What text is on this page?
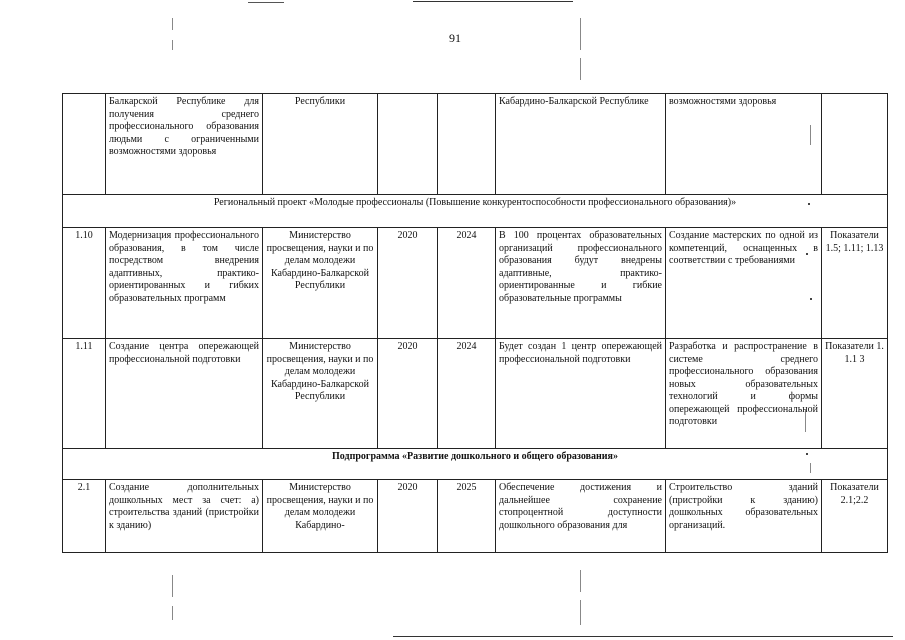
91
	Балкарской Республике для получения среднего профессионального образования людьми с ограниченными возможностями здоровья	Республики			Кабардино-Балкарской Республике	возможностями здоровья	
Региональный проект «Молодые профессионалы (Повышение конкурентоспособности профессионального образования)»							
1.10	Модернизация профессионального образования, в том числе посредством внедрения адаптивных, практико-ориентированных и гибких образовательных программ	Министерство просвещения, науки и по делам молодежи Кабардино-Балкарской Республики	2020	2024	В 100 процентах образовательных организаций профессионального образования будут внедрены адаптивные, практико-ориентированные и гибкие образовательные программы	Создание мастерских по одной из компетенций, оснащенных в соответствии с требованиями	Показатели 1.5; 1.11; 1.13
1.11	Создание центра опережающей профессиональной подготовки	Министерство просвещения, науки и по делам молодежи Кабардино-Балкарской Республики	2020	2024	Будет создан 1 центр опережающей профессиональной подготовки	Разработка и распространение в системе среднего профессионального образования новых образовательных технологий и формы опережающей профессиональной подготовки	Показатели 1. 1.1 3
Подпрограмма «Развитие дошкольного и общего образования»							
2.1	Создание дополнительных дошкольных мест за счет: а) строительства зданий (пристройки к зданию)	Министерство просвещения, науки и по делам молодежи Кабардино-	2020	2025	Обеспечение достижения и дальнейшее сохранение стопроцентной доступности дошкольного образования для	Строительство зданий (пристройки к зданию) дошкольных образовательных организаций.	Показатели 2.1;2.2
